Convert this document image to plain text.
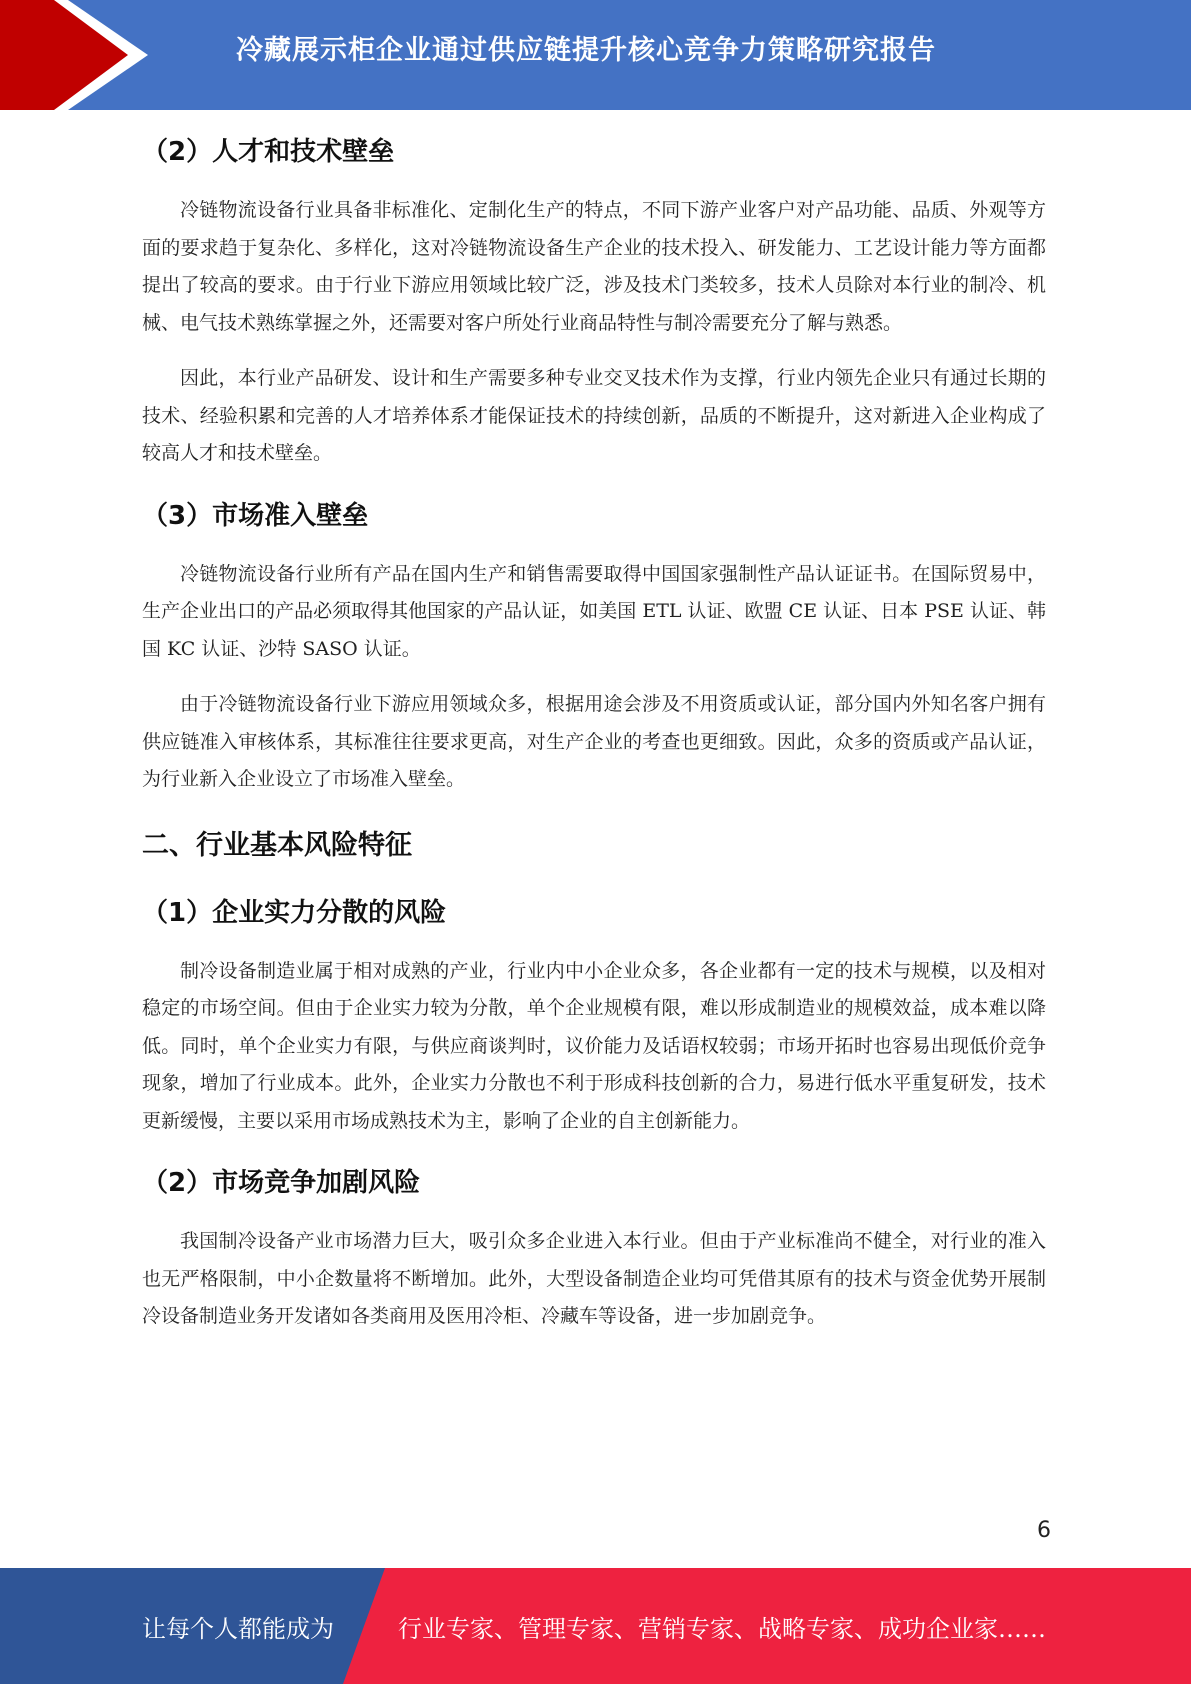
冷藏展示柜企业通过供应链提升核心竞争力策略研究报告
（2）人才和技术壁垒

冷链物流设备行业具备非标准化、定制化生产的特点，不同下游产业客户对产品功能、品质、外观等方面的要求趋于复杂化、多样化，这对冷链物流设备生产企业的技术投入、研发能力、工艺设计能力等方面都提出了较高的要求。由于行业下游应用领域比较广泛，涉及技术门类较多，技术人员除对本行业的制冷、机械、电气技术熟练掌握之外，还需要对客户所处行业商品特性与制冷需要充分了解与熟悉。

因此，本行业产品研发、设计和生产需要多种专业交叉技术作为支撑，行业内领先企业只有通过长期的技术、经验积累和完善的人才培养体系才能保证技术的持续创新，品质的不断提升，这对新进入企业构成了较高人才和技术壁垒。

（3）市场准入壁垒

冷链物流设备行业所有产品在国内生产和销售需要取得中国国家强制性产品认证证书。在国际贸易中，生产企业出口的产品必须取得其他国家的产品认证，如美国 ETL 认证、欧盟 CE 认证、日本 PSE 认证、韩国 KC 认证、沙特 SASO 认证。

由于冷链物流设备行业下游应用领域众多，根据用途会涉及不用资质或认证，部分国内外知名客户拥有供应链准入审核体系，其标准往往要求更高，对生产企业的考查也更细致。因此，众多的资质或产品认证，为行业新入企业设立了市场准入壁垒。

二、行业基本风险特征
（1）企业实力分散的风险

制冷设备制造业属于相对成熟的产业，行业内中小企业众多，各企业都有一定的技术与规模，以及相对稳定的市场空间。但由于企业实力较为分散，单个企业规模有限，难以形成制造业的规模效益，成本难以降低。同时，单个企业实力有限，与供应商谈判时，议价能力及话语权较弱；市场开拓时也容易出现低价竞争现象，增加了行业成本。此外，企业实力分散也不利于形成科技创新的合力，易进行低水平重复研发，技术更新缓慢，主要以采用市场成熟技术为主，影响了企业的自主创新能力。

（2）市场竞争加剧风险

我国制冷设备产业市场潜力巨大，吸引众多企业进入本行业。但由于产业标准尚不健全，对行业的准入也无严格限制，中小企数量将不断增加。此外，大型设备制造企业均可凭借其原有的技术与资金优势开展制冷设备制造业务开发诸如各类商用及医用冷柜、冷藏车等设备，进一步加剧竞争。

6
让每个人都能成为	行业专家、管理专家、营销专家、战略专家、成功企业家……
